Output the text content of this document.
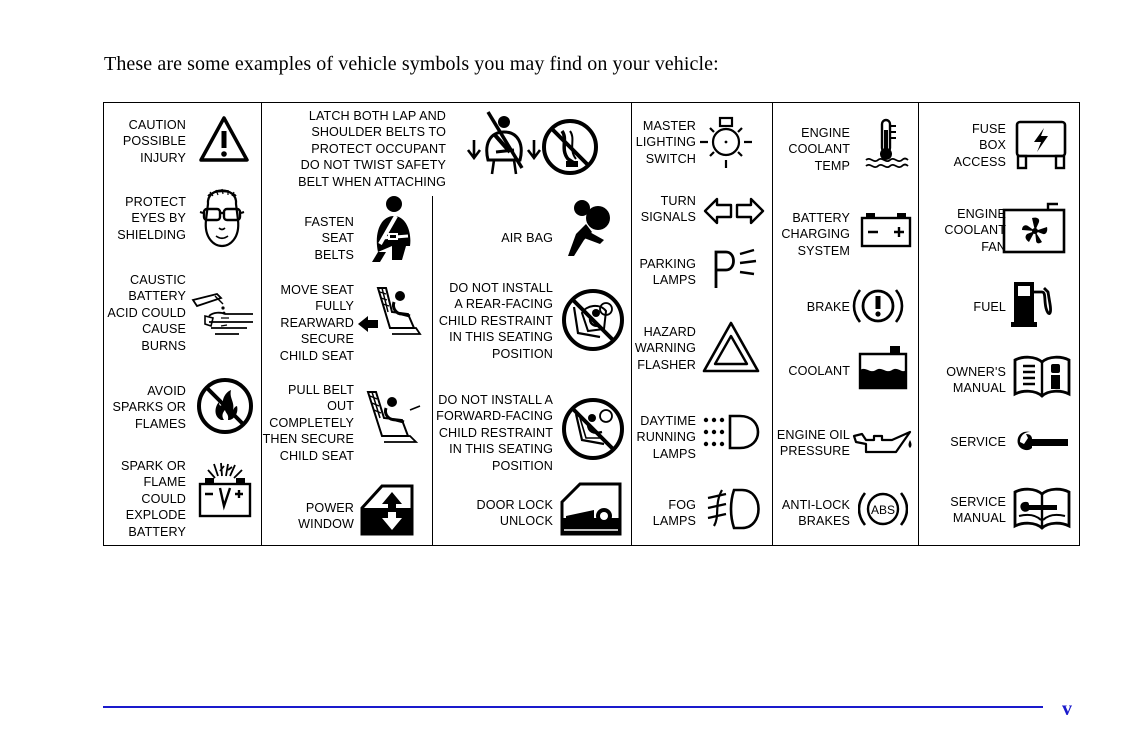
These are some examples of vehicle symbols you may find on your vehicle:
CAUTION
POSSIBLE
INJURY
PROTECT
EYES BY
SHIELDING
CAUSTIC
BATTERY
ACID COULD
CAUSE
BURNS
AVOID
SPARKS OR
FLAMES
SPARK OR
FLAME
COULD
EXPLODE
BATTERY
LATCH BOTH LAP AND
SHOULDER BELTS TO
PROTECT OCCUPANT
DO NOT TWIST SAFETY
BELT WHEN ATTACHING
FASTEN
SEAT
BELTS
MOVE SEAT
FULLY
REARWARD
SECURE
CHILD SEAT
PULL BELT
OUT
COMPLETELY
THEN SECURE
CHILD SEAT
POWER
WINDOW
AIR BAG
DO NOT INSTALL
A REAR-FACING
CHILD RESTRAINT
IN THIS SEATING
POSITION
DO NOT INSTALL A
FORWARD-FACING
CHILD RESTRAINT
IN THIS SEATING
POSITION
DOOR LOCK
UNLOCK
MASTER
LIGHTING
SWITCH
TURN
SIGNALS
PARKING
LAMPS
HAZARD
WARNING
FLASHER
DAYTIME
RUNNING
LAMPS
FOG
LAMPS
ENGINE
COOLANT
TEMP
BATTERY
CHARGING
SYSTEM
BRAKE
COOLANT
ENGINE OIL
PRESSURE
ANTI-LOCK
BRAKES
ABS
FUSE
BOX
ACCESS
ENGINE
COOLANT
FAN
FUEL
OWNER'S
MANUAL
SERVICE
SERVICE
MANUAL
v
